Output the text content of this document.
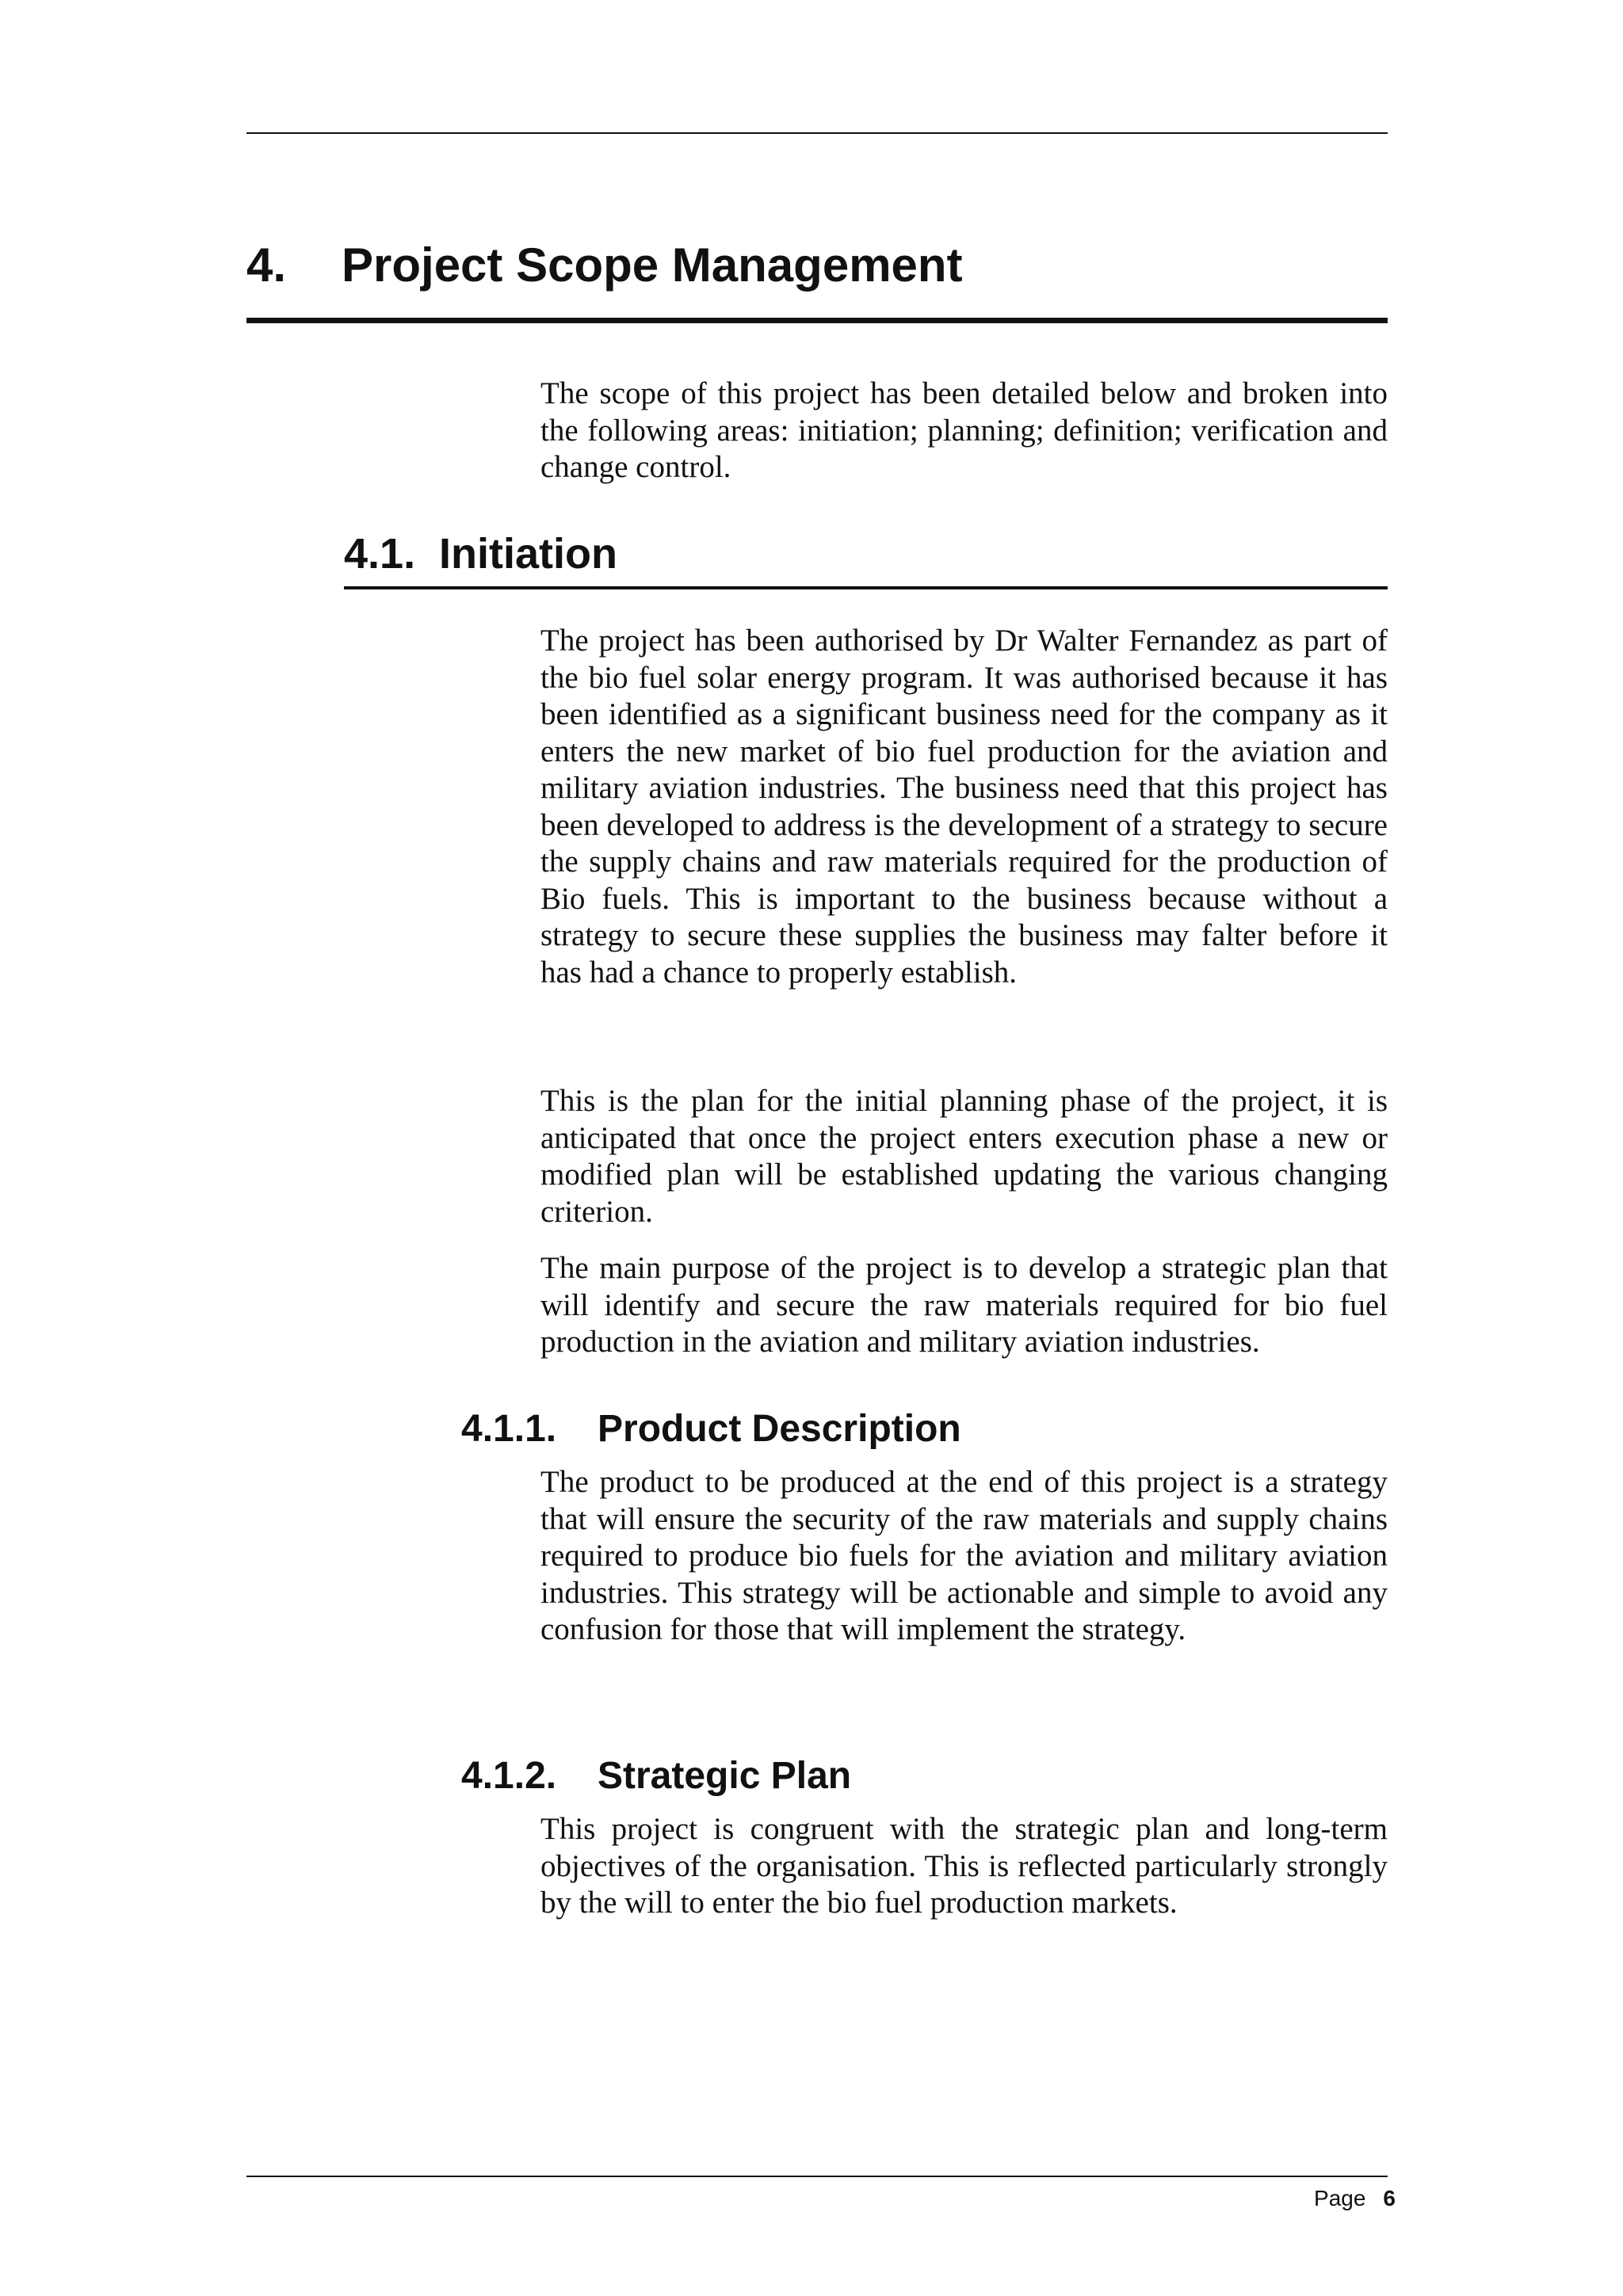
4. Project Scope Management

The scope of this project has been detailed below and broken into the following areas: initiation; planning; definition; verification and change control.

4.1. Initiation

The project has been authorised by Dr Walter Fernandez as part of the bio fuel solar energy program. It was authorised because it has been identified as a significant business need for the company as it enters the new market of bio fuel production for the aviation and military aviation industries. The business need that this project has been developed to address is the development of a strategy to secure the supply chains and raw materials required for the production of Bio fuels. This is important to the business because without a strategy to secure these supplies the business may falter before it has had a chance to properly establish.

This is the plan for the initial planning phase of the project, it is anticipated that once the project enters execution phase a new or modified plan will be established updating the various changing criterion.

The main purpose of the project is to develop a strategic plan that will identify and secure the raw materials required for bio fuel production in the aviation and military aviation industries.

4.1.1. Product Description

The product to be produced at the end of this project is a strategy that will ensure the security of the raw materials and supply chains required to produce bio fuels for the aviation and military aviation industries. This strategy will be actionable and simple to avoid any confusion for those that will implement the strategy.

4.1.2. Strategic Plan

This project is congruent with the strategic plan and long-term objectives of the organisation. This is reflected particularly strongly by the will to enter the bio fuel production markets.

Page 6
